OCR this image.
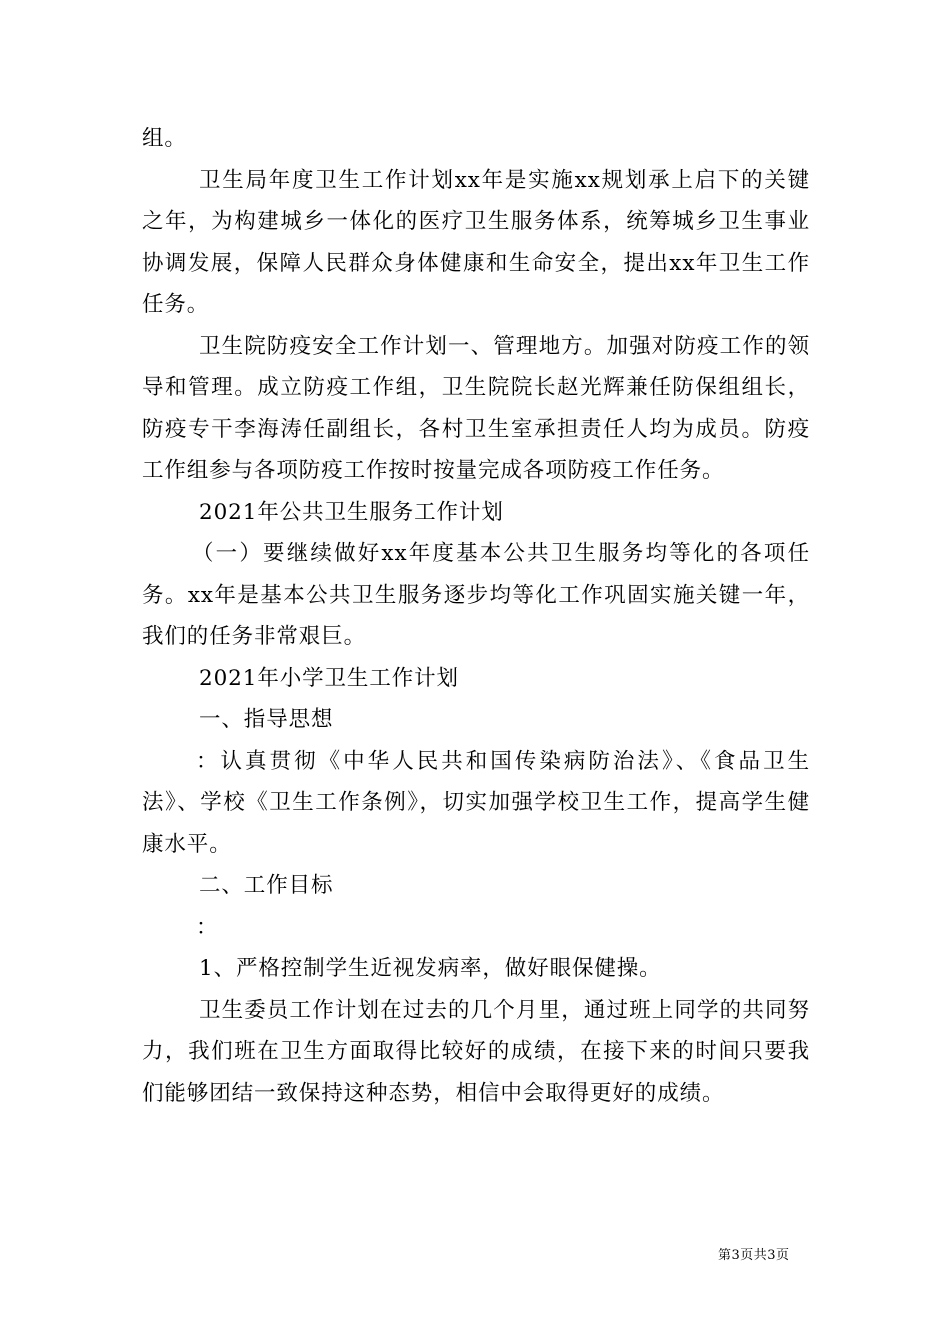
组。

卫生局年度卫生工作计划xx年是实施xx规划承上启下的关键之年，为构建城乡一体化的医疗卫生服务体系，统筹城乡卫生事业协调发展，保障人民群众身体健康和生命安全，提出xx年卫生工作任务。

卫生院防疫安全工作计划一、管理地方。加强对防疫工作的领导和管理。成立防疫工作组，卫生院院长赵光辉兼任防保组组长，防疫专干李海涛任副组长，各村卫生室承担责任人均为成员。防疫工作组参与各项防疫工作按时按量完成各项防疫工作任务。

2021年公共卫生服务工作计划

（一）要继续做好xx年度基本公共卫生服务均等化的各项任务。xx年是基本公共卫生服务逐步均等化工作巩固实施关键一年，我们的任务非常艰巨。

2021年小学卫生工作计划

一、指导思想

：认真贯彻《中华人民共和国传染病防治法》、《食品卫生法》、学校《卫生工作条例》，切实加强学校卫生工作，提高学生健康水平。

二、工作目标

：

1、严格控制学生近视发病率，做好眼保健操。

卫生委员工作计划在过去的几个月里，通过班上同学的共同努力，我们班在卫生方面取得比较好的成绩，在接下来的时间只要我们能够团结一致保持这种态势，相信中会取得更好的成绩。

第3页共3页
